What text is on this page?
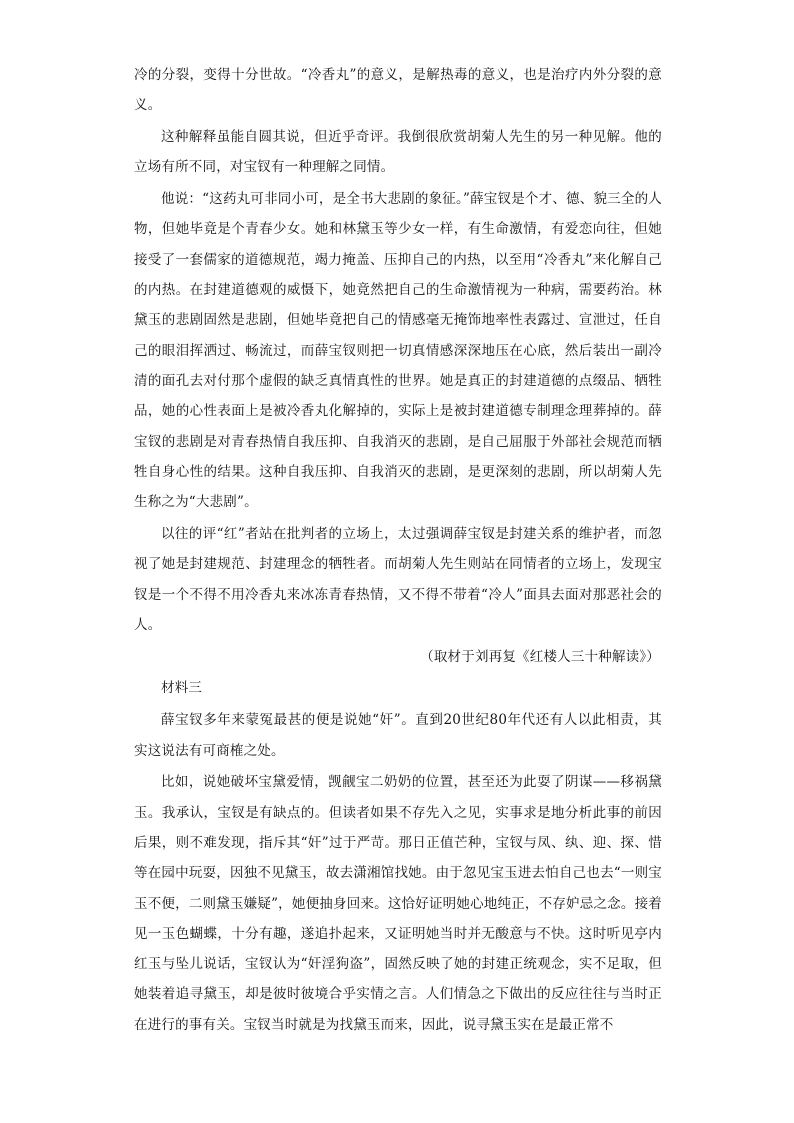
冷的分裂，变得十分世故。“冷香丸”的意义，是解热毒的意义，也是治疗内外分裂的意义。

这种解释虽能自圆其说，但近乎奇评。我倒很欣赏胡菊人先生的另一种见解。他的立场有所不同，对宝钗有一种理解之同情。

他说：“这药丸可非同小可，是全书大悲剧的象征。”薛宝钗是个才、德、貌三全的人物，但她毕竟是个青春少女。她和林黛玉等少女一样，有生命激情，有爱恋向往，但她接受了一套儒家的道德规范，竭力掩盖、压抑自己的内热，以至用“冷香丸”来化解自己的内热。在封建道德观的威慑下，她竟然把自己的生命激情视为一种病，需要药治。林黛玉的悲剧固然是悲剧，但她毕竟把自己的情感毫无掩饰地率性表露过、宣泄过，任自己的眼泪挥洒过、畅流过，而薛宝钗则把一切真情感深深地压在心底，然后装出一副冷清的面孔去对付那个虚假的缺乏真情真性的世界。她是真正的封建道德的点缀品、牺牲品，她的心性表面上是被冷香丸化解掉的，实际上是被封建道德专制理念理葬掉的。薛宝钗的悲剧是对青春热情自我压抑、自我消灭的悲剧，是自己屈服于外部社会规范而牺牲自身心性的结果。这种自我压抑、自我消灭的悲剧，是更深刻的悲剧，所以胡菊人先生称之为“大悲剧”。

以往的评“红”者站在批判者的立场上，太过强调薛宝钗是封建关系的维护者，而忽视了她是封建规范、封建理念的牺牲者。而胡菊人先生则站在同情者的立场上，发现宝钗是一个不得不用冷香丸来冰冻青春热情，又不得不带着“冷人”面具去面对那恶社会的人。

（取材于刘再复《红楼人三十种解读》）

材料三

薛宝钗多年来蒙冤最甚的便是说她“奸”。直到20世纪80年代还有人以此相责，其实这说法有可商榷之处。

比如，说她破坏宝黛爱情，觊觎宝二奶奶的位置，甚至还为此耍了阴谋——移祸黛玉。我承认，宝钗是有缺点的。但读者如果不存先入之见，实事求是地分析此事的前因后果，则不难发现，指斥其“奸”过于严苛。那日正值芒种，宝钗与凤、纨、迎、探、惜等在园中玩耍，因独不见黛玉，故去潇湘馆找她。由于忽见宝玉进去怕自己也去“一则宝玉不便，二则黛玉嫌疑”，她便抽身回来。这恰好证明她心地纯正，不存妒忌之念。接着见一玉色蝴蝶，十分有趣，遂追扑起来，又证明她当时并无酸意与不快。这时听见亭内红玉与坠儿说话，宝钗认为“奸淫狗盗”，固然反映了她的封建正统观念，实不足取，但她装着追寻黛玉，却是彼时彼境合乎实情之言。人们情急之下做出的反应往往与当时正在进行的事有关。宝钗当时就是为找黛玉而来，因此，说寻黛玉实在是最正常不
